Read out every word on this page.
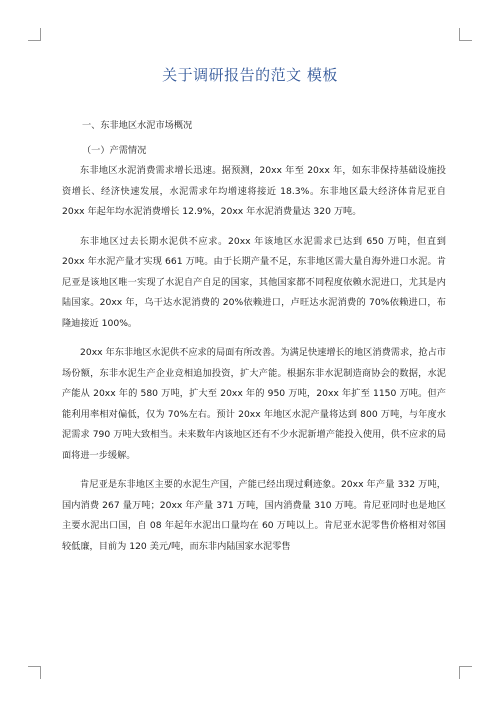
关于调研报告的范文 模板
一、东非地区水泥市场概况
（一）产需情况

东非地区水泥消费需求增长迅速。据预测，20xx 年至 20xx 年，如东非保持基础设施投资增长、经济快速发展，水泥需求年均增速将接近 18.3%。东非地区最大经济体肯尼亚自 20xx 年起年均水泥消费增长 12.9%，20xx 年水泥消费量达 320 万吨。

东非地区过去长期水泥供不应求。20xx 年该地区水泥需求已达到 650 万吨，但直到 20xx 年水泥产量才实现 661 万吨。由于长期产量不足，东非地区需大量自海外进口水泥。肯尼亚是该地区唯一实现了水泥自产自足的国家，其他国家都不同程度依赖水泥进口，尤其是内陆国家。20xx 年，乌干达水泥消费的 20%依赖进口，卢旺达水泥消费的 70%依赖进口，布隆迪接近 100%。

20xx 年东非地区水泥供不应求的局面有所改善。为满足快速增长的地区消费需求，抢占市场份额，东非水泥生产企业竞相追加投资，扩大产能。根据东非水泥制造商协会的数据，水泥产能从 20xx 年的 580 万吨，扩大至 20xx 年的 950 万吨，20xx 年扩至 1150 万吨。但产能利用率相对偏低，仅为 70%左右。预计 20xx 年地区水泥产量将达到 800 万吨，与年度水泥需求 790 万吨大致相当。未来数年内该地区还有不少水泥新增产能投入使用，供不应求的局面将进一步缓解。

肯尼亚是东非地区主要的水泥生产国，产能已经出现过剩迹象。20xx 年产量 332 万吨，国内消费 267 量万吨；20xx 年产量 371 万吨，国内消费量 310 万吨。肯尼亚同时也是地区主要水泥出口国，自 08 年起年水泥出口量均在 60 万吨以上。肯尼亚水泥零售价格相对邻国较低廉，目前为 120 美元/吨，而东非内陆国家水泥零售
